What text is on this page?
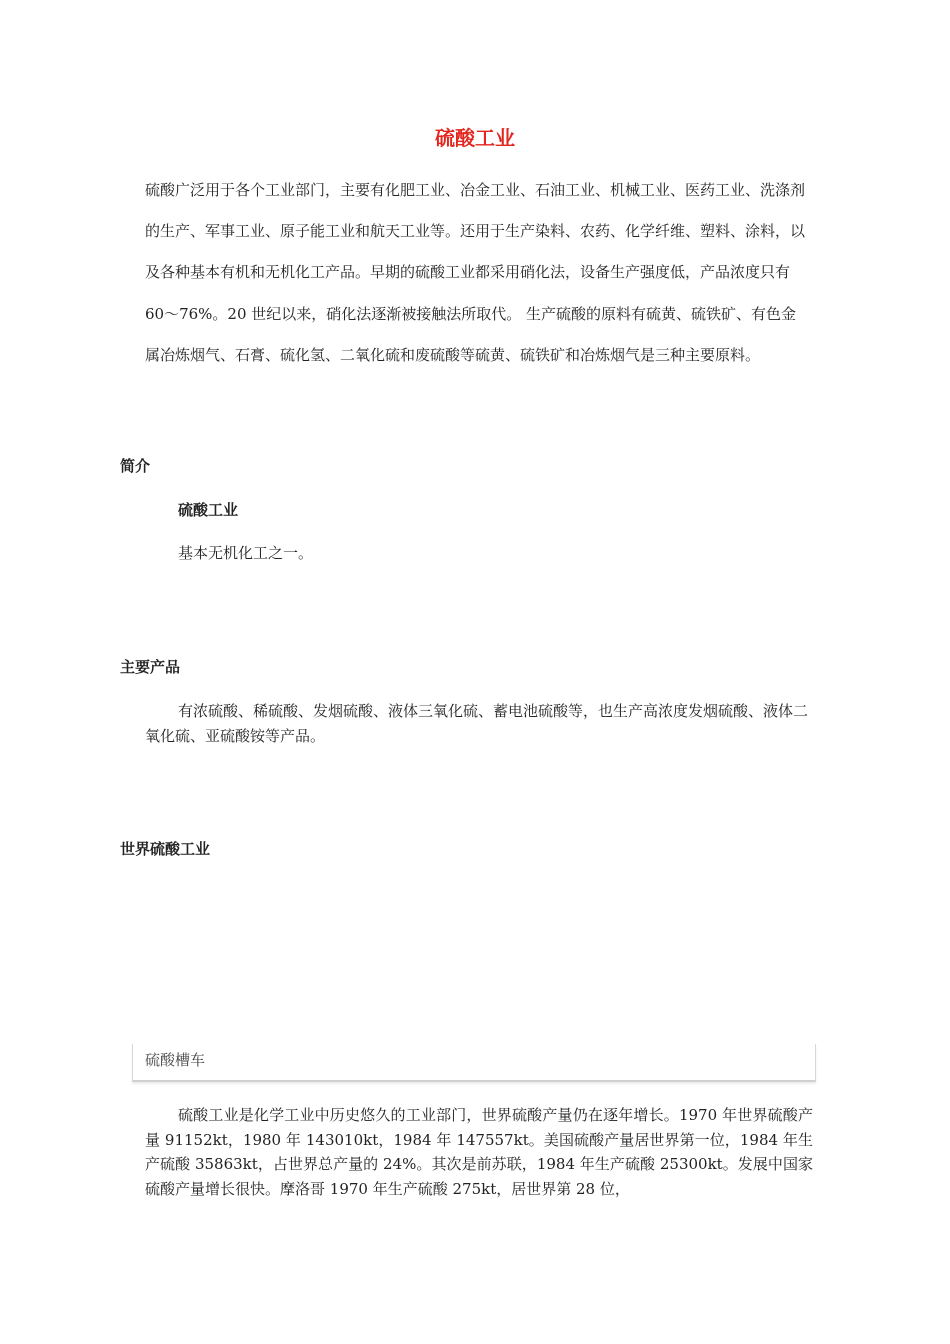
硫酸工业

硫酸广泛用于各个工业部门，主要有化肥工业、冶金工业、石油工业、机械工业、医药工业、洗涤剂的生产、军事工业、原子能工业和航天工业等。还用于生产染料、农药、化学纤维、塑料、涂料，以及各种基本有机和无机化工产品。早期的硫酸工业都采用硝化法，设备生产强度低，产品浓度只有 60～76%。20 世纪以来，硝化法逐渐被接触法所取代。 生产硫酸的原料有硫黄、硫铁矿、有色金属冶炼烟气、石膏、硫化氢、二氧化硫和废硫酸等硫黄、硫铁矿和冶炼烟气是三种主要原料。

简介

硫酸工业

基本无机化工之一。

主要产品

有浓硫酸、稀硫酸、发烟硫酸、液体三氧化硫、蓄电池硫酸等，也生产高浓度发烟硫酸、液体二氧化硫、亚硫酸铵等产品。

世界硫酸工业

硫酸槽车

硫酸工业是化学工业中历史悠久的工业部门，世界硫酸产量仍在逐年增长。1970 年世界硫酸产量 91152kt，1980 年 143010kt，1984 年 147557kt。美国硫酸产量居世界第一位，1984 年生产硫酸 35863kt，占世界总产量的 24%。其次是前苏联，1984 年生产硫酸 25300kt。发展中国家硫酸产量增长很快。摩洛哥 1970 年生产硫酸 275kt，居世界第 28 位，
